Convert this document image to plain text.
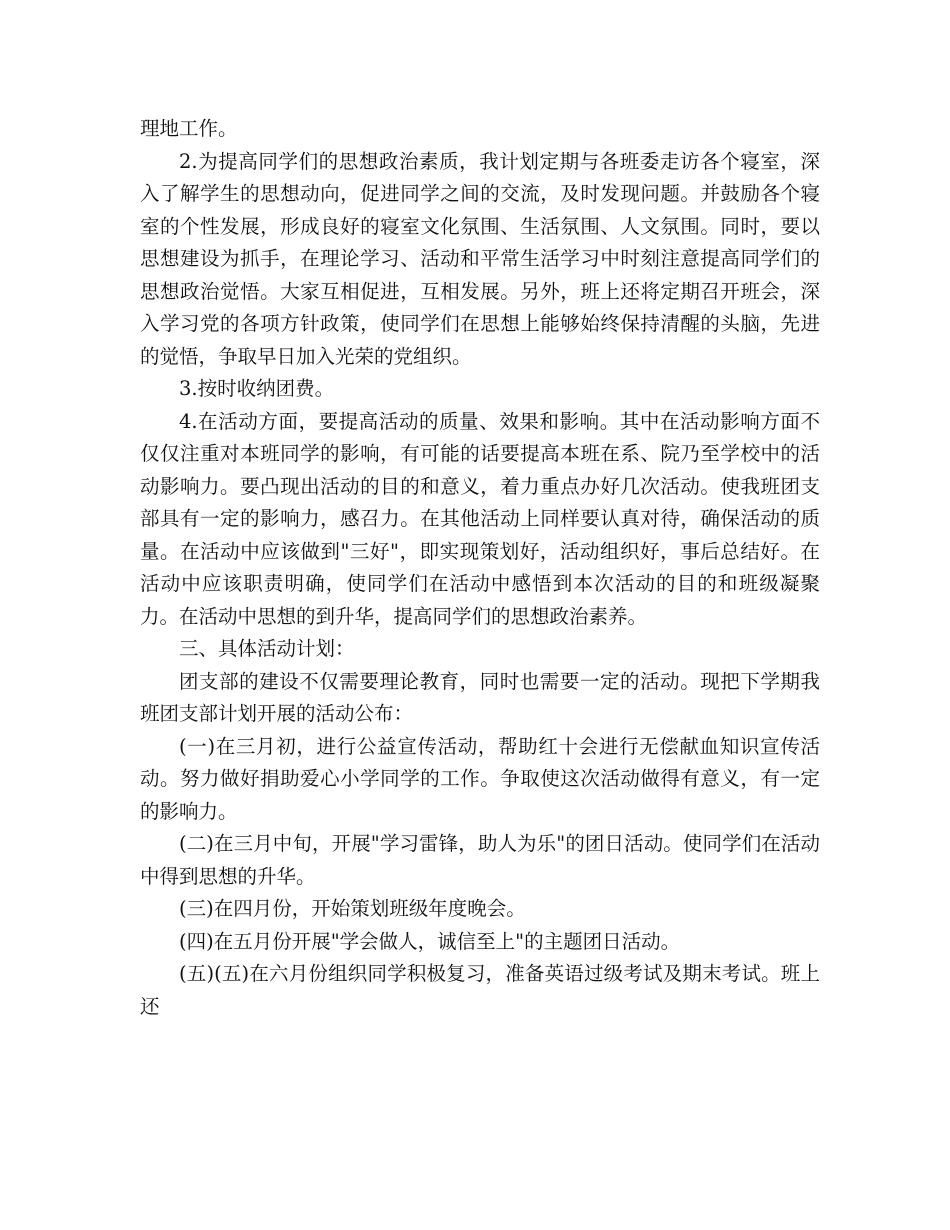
理地工作。

2.为提高同学们的思想政治素质，我计划定期与各班委走访各个寝室，深入了解学生的思想动向，促进同学之间的交流，及时发现问题。并鼓励各个寝室的个性发展，形成良好的寝室文化氛围、生活氛围、人文氛围。同时，要以思想建设为抓手，在理论学习、活动和平常生活学习中时刻注意提高同学们的思想政治觉悟。大家互相促进，互相发展。另外，班上还将定期召开班会，深入学习党的各项方针政策，使同学们在思想上能够始终保持清醒的头脑，先进的觉悟，争取早日加入光荣的党组织。

3.按时收纳团费。

4.在活动方面，要提高活动的质量、效果和影响。其中在活动影响方面不仅仅注重对本班同学的影响，有可能的话要提高本班在系、院乃至学校中的活动影响力。要凸现出活动的目的和意义，着力重点办好几次活动。使我班团支部具有一定的影响力，感召力。在其他活动上同样要认真对待，确保活动的质量。在活动中应该做到"三好"，即实现策划好，活动组织好，事后总结好。在活动中应该职责明确，使同学们在活动中感悟到本次活动的目的和班级凝聚力。在活动中思想的到升华，提高同学们的思想政治素养。

三、具体活动计划：

团支部的建设不仅需要理论教育，同时也需要一定的活动。现把下学期我班团支部计划开展的活动公布：

(一)在三月初，进行公益宣传活动，帮助红十会进行无偿献血知识宣传活动。努力做好捐助爱心小学同学的工作。争取使这次活动做得有意义，有一定的影响力。

(二)在三月中旬，开展"学习雷锋，助人为乐"的团日活动。使同学们在活动中得到思想的升华。

(三)在四月份，开始策划班级年度晚会。

(四)在五月份开展"学会做人，诚信至上"的主题团日活动。

(五)(五)在六月份组织同学积极复习，准备英语过级考试及期末考试。班上还
